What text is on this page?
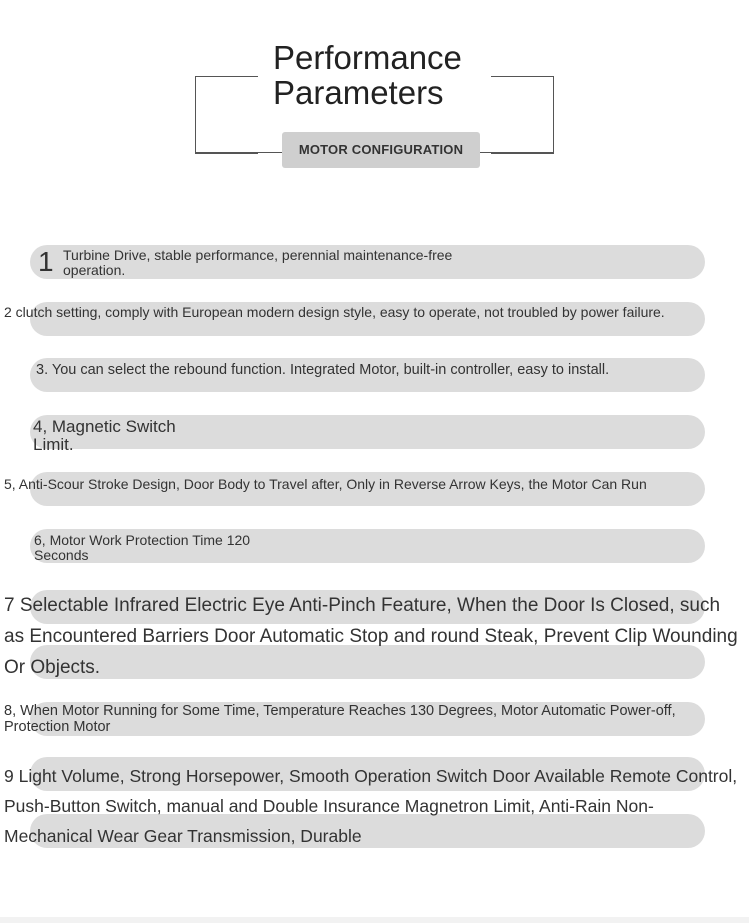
Performance
Parameters
MOTOR CONFIGURATION
1 Turbine Drive, stable performance, perennial maintenance-free operation.
2 clutch setting, comply with European modern design style, easy to operate, not troubled by power failure.
3. You can select the rebound function. Integrated Motor, built-in controller, easy to install.
4, Magnetic Switch Limit.
5, Anti-Scour Stroke Design, Door Body to Travel after, Only in Reverse Arrow Keys, the Motor Can Run
6, Motor Work Protection Time 120 Seconds
7 Selectable Infrared Electric Eye Anti-Pinch Feature, When the Door Is Closed, such as Encountered Barriers Door Automatic Stop and round Steak, Prevent Clip Wounding Or Objects.
8, When Motor Running for Some Time, Temperature Reaches 130 Degrees, Motor Automatic Power-off, Protection Motor
9 Light Volume, Strong Horsepower, Smooth Operation Switch Door Available Remote Control, Push-Button Switch, manual and Double Insurance Magnetron Limit, Anti-Rain Non-Mechanical Wear Gear Transmission, Durable
